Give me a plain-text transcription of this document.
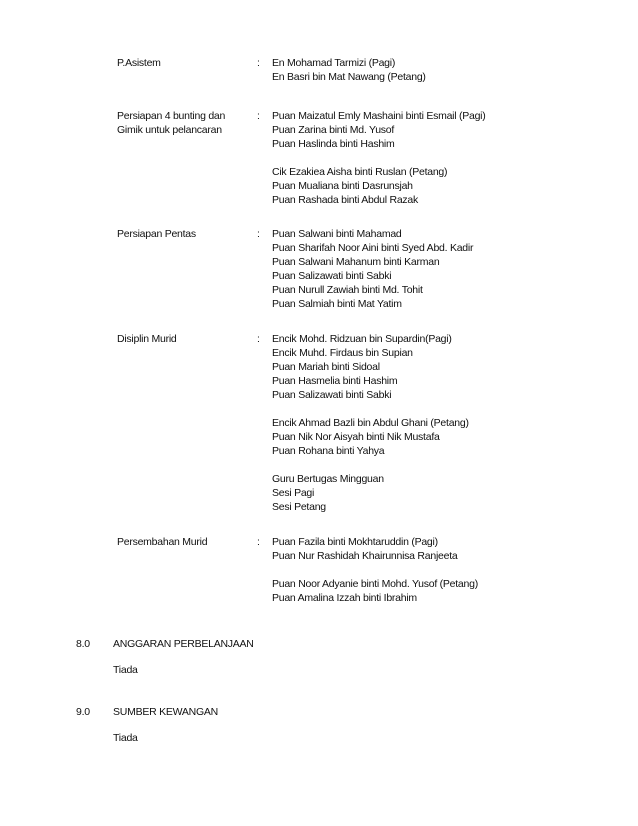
P.Asistem	:	En Mohamad Tarmizi (Pagi)
En Basri bin Mat Nawang (Petang)
Persiapan 4 bunting dan
Gimik untuk pelancaran
:	Puan Maizatul Emly Mashaini binti Esmail (Pagi)
Puan Zarina binti Md. Yusof
Puan Haslinda binti Hashim
Cik Ezakiea Aisha binti Ruslan (Petang)
Puan Mualiana binti Dasrunsjah
Puan Rashada binti Abdul Razak
Persiapan Pentas	:	Puan Salwani binti Mahamad
Puan Sharifah Noor Aini binti Syed Abd. Kadir
Puan Salwani Mahanum binti Karman
Puan Salizawati binti Sabki
Puan Nurull Zawiah binti Md. Tohit
Puan Salmiah binti Mat Yatim
Disiplin Murid	:	Encik Mohd. Ridzuan bin Supardin(Pagi)
Encik Muhd. Firdaus bin Supian
Puan Mariah binti Sidoal
Puan Hasmelia binti Hashim
Puan Salizawati binti Sabki
Encik Ahmad Bazli bin Abdul Ghani (Petang)
Puan Nik Nor Aisyah binti Nik Mustafa
Puan Rohana binti Yahya
Guru Bertugas Mingguan
Sesi Pagi
Sesi Petang
Persembahan Murid	:	Puan Fazila binti Mokhtaruddin (Pagi)
Puan Nur Rashidah Khairunnisa Ranjeeta
Puan Noor Adyanie binti Mohd. Yusof (Petang)
Puan Amalina Izzah binti Ibrahim
8.0 ANGGARAN PERBELANJAAN
Tiada
9.0 SUMBER KEWANGAN
Tiada
